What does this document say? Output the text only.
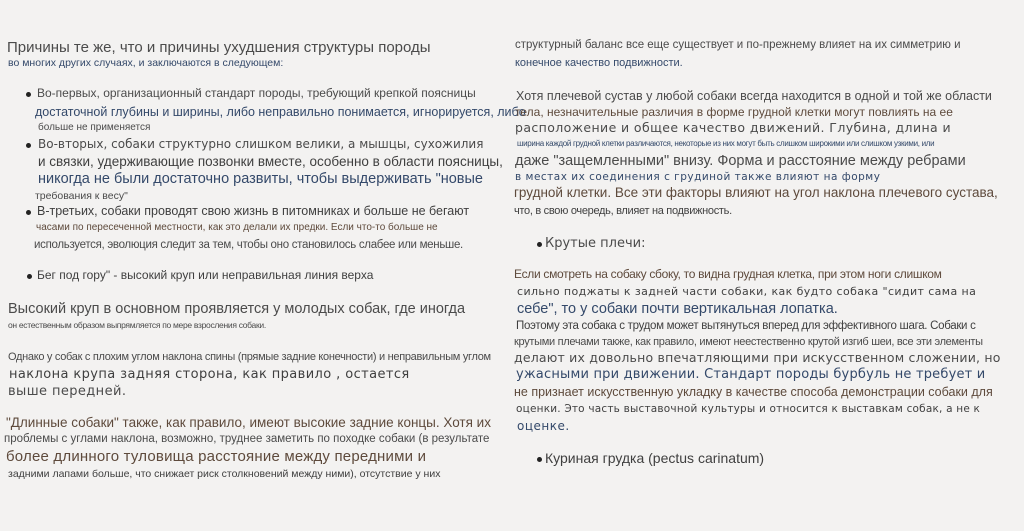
Причины те же, что и причины ухудшения структуры породы
во многих других случаях, и заключаются в следующем:
Во-первых, организационный стандарт породы, требующий крепкой поясницы
достаточной глубины и ширины, либо неправильно понимается, игнорируется, либо
больше не применяется
Во-вторых, собаки структурно слишком велики, а мышцы, сухожилия
и связки, удерживающие позвонки вместе, особенно в области поясницы,
никогда не были достаточно развиты, чтобы выдерживать "новые
требования к весу"
В-третьих, собаки проводят свою жизнь в питомниках и больше не бегают
часами по пересеченной местности, как это делали их предки. Если что-то больше не
используется, эволюция следит за тем, чтобы оно становилось слабее или меньше.
Бег под гору" - высокий круп или неправильная линия верха
Высокий круп в основном проявляется у молодых собак, где иногда
он естественным образом выпрямляется по мере взросления собаки.
Однако у собак с плохим углом наклона спины (прямые задние конечности) и неправильным углом
наклона крупа задняя сторона, как правило , остается
выше передней.
"Длинные собаки" также, как правило, имеют высокие задние концы. Хотя их
проблемы с углами наклона, возможно, труднее заметить по походке собаки (в результате
более длинного туловища расстояние между передними и
задними лапами больше, что снижает риск столкновений между ними), отсутствие у них
структурный баланс все еще существует и по-прежнему влияет на их симметрию и
конечное качество подвижности.
Хотя плечевой сустав у любой собаки всегда находится в одной и той же области
тела, незначительные различия в форме грудной клетки могут повлиять на ее
расположение и общее качество движений. Глубина, длина и
ширина каждой грудной клетки различаются, некоторые из них могут быть слишком широкими или слишком узкими, или
даже "защемленными" внизу. Форма и расстояние между ребрами
в местах их соединения с грудиной также влияют на форму
грудной клетки. Все эти факторы влияют на угол наклона плечевого сустава,
что, в свою очередь, влияет на подвижность.
Крутые плечи:
Если смотреть на собаку сбоку, то видна грудная клетка, при этом ноги слишком
сильно поджаты к задней части собаки, как будто собака "сидит сама на
себе", то у собаки почти вертикальная лопатка.
Поэтому эта собака с трудом может вытянуться вперед для эффективного шага. Собаки с
крутыми плечами также, как правило, имеют неестественно крутой изгиб шеи, все эти элементы
делают их довольно впечатляющими при искусственном сложении, но
ужасными при движении. Стандарт породы бурбуль не требует и
не признает искусственную укладку в качестве способа демонстрации собаки для
оценки. Это часть выставочной культуры и относится к выставкам собак, а не к
оценке.
Куриная грудка (pectus carinatum)
